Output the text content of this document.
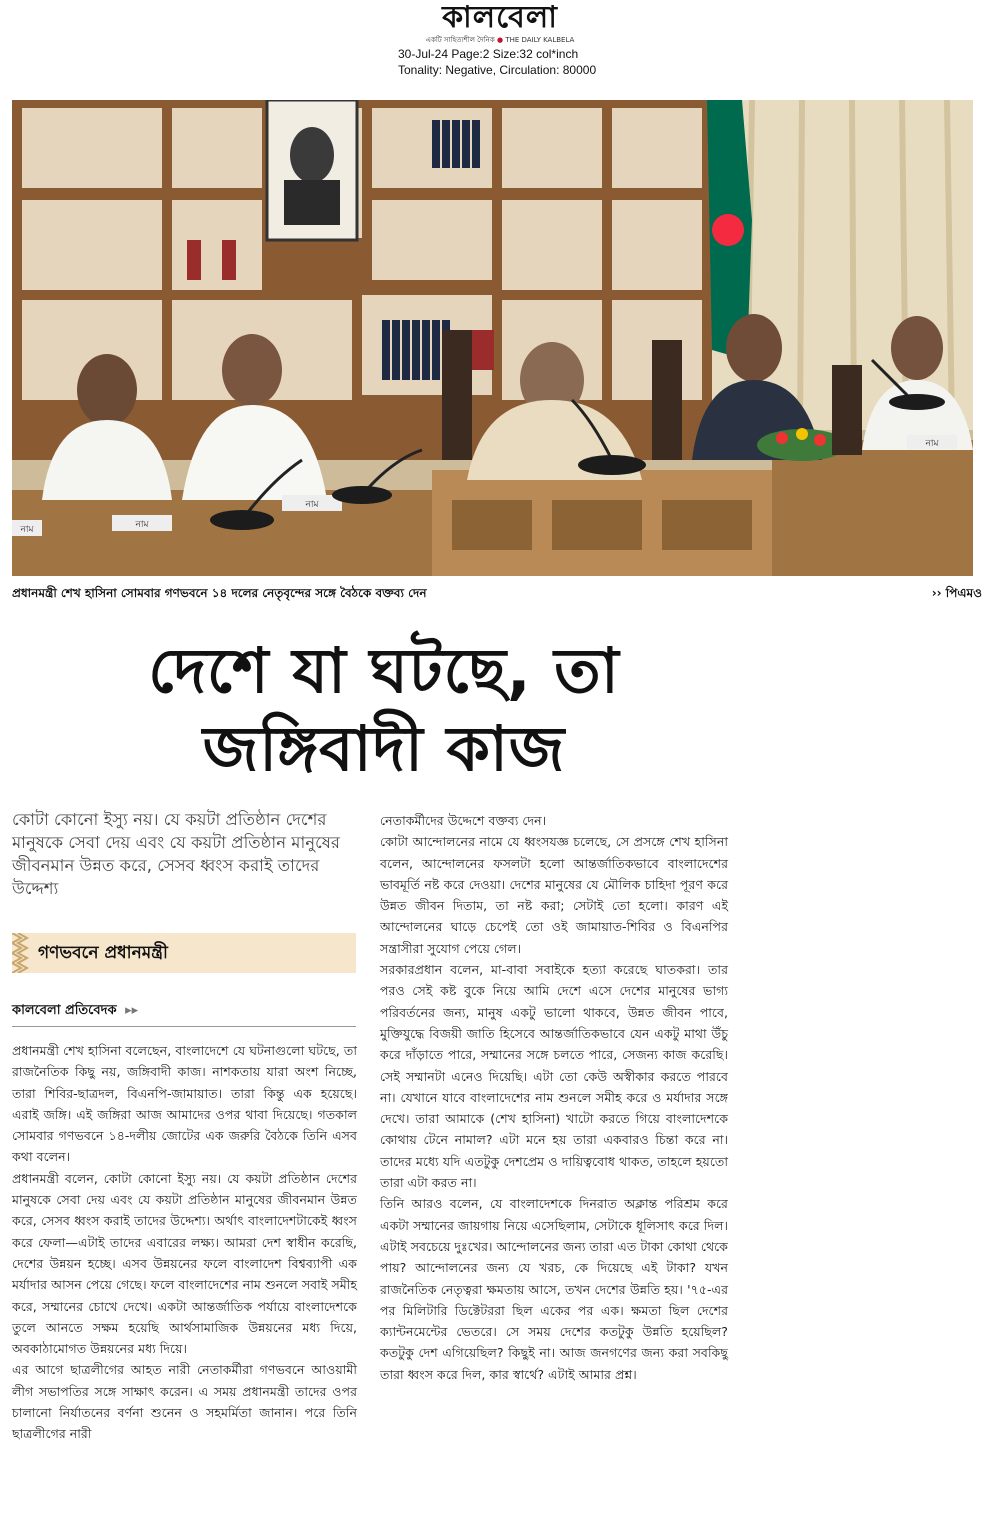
কালবেলা
একটি সাহিত্যশীল দৈনিক ● THE DAILY KALBELA
30-Jul-24 Page:2 Size:32 col*inch
Tonality: Negative, Circulation: 80000
নাম
নাম
নাম
নাম
প্রধানমন্ত্রী শেখ হাসিনা সোমবার গণভবনে ১৪ দলের নেতৃবৃন্দের সঙ্গে বৈঠকে বক্তব্য দেন	›› পিএমও
দেশে যা ঘটছে, তা
জঙ্গিবাদী কাজ
কোটা কোনো ইস্যু নয়। যে কয়টা প্রতিষ্ঠান দেশের মানুষকে সেবা দেয় এবং যে কয়টা প্রতিষ্ঠান মানুষের জীবনমান উন্নত করে, সেসব ধ্বংস করাই তাদের উদ্দেশ্য
গণভবনে প্রধানমন্ত্রী
কালবেলা প্রতিবেদক ▸▸

প্রধানমন্ত্রী শেখ হাসিনা বলেছেন, বাংলাদেশে যে ঘটনাগুলো ঘটছে, তা রাজনৈতিক কিছু নয়, জঙ্গিবাদী কাজ। নাশকতায় যারা অংশ নিচ্ছে, তারা শিবির-ছাত্রদল, বিএনপি-জামায়াত। তারা কিন্তু এক হয়েছে। এরাই জঙ্গি। এই জঙ্গিরা আজ আমাদের ওপর থাবা দিয়েছে। গতকাল সোমবার গণভবনে ১৪-দলীয় জোটের এক জরুরি বৈঠকে তিনি এসব কথা বলেন।

প্রধানমন্ত্রী বলেন, কোটা কোনো ইস্যু নয়। যে কয়টা প্রতিষ্ঠান দেশের মানুষকে সেবা দেয় এবং যে কয়টা প্রতিষ্ঠান মানুষের জীবনমান উন্নত করে, সেসব ধ্বংস করাই তাদের উদ্দেশ্য। অর্থাৎ বাংলাদেশটাকেই ধ্বংস করে ফেলা—এটাই তাদের এবারের লক্ষ্য। আমরা দেশ স্বাধীন করেছি, দেশের উন্নয়ন হচ্ছে। এসব উন্নয়নের ফলে বাংলাদেশ বিশ্বব্যাপী এক মর্যাদার আসন পেয়ে গেছে। ফলে বাংলাদেশের নাম শুনলে সবাই সমীহ করে, সম্মানের চোখে দেখে। একটা আন্তর্জাতিক পর্যায়ে বাংলাদেশকে তুলে আনতে সক্ষম হয়েছি আর্থসামাজিক উন্নয়নের মধ্য দিয়ে, অবকাঠামোগত উন্নয়নের মধ্য দিয়ে।

এর আগে ছাত্রলীগের আহত নারী নেতাকর্মীরা গণভবনে আওয়ামী লীগ সভাপতির সঙ্গে সাক্ষাৎ করেন। এ সময় প্রধানমন্ত্রী তাদের ওপর চালানো নির্যাতনের বর্ণনা শুনেন ও সহমর্মিতা জানান। পরে তিনি ছাত্রলীগের নারী

নেতাকর্মীদের উদ্দেশে বক্তব্য দেন।

কোটা আন্দোলনের নামে যে ধ্বংসযজ্ঞ চলেছে, সে প্রসঙ্গে শেখ হাসিনা বলেন, আন্দোলনের ফসলটা হলো আন্তর্জাতিকভাবে বাংলাদেশের ভাবমূর্তি নষ্ট করে দেওয়া। দেশের মানুষের যে মৌলিক চাহিদা পূরণ করে উন্নত জীবন দিতাম, তা নষ্ট করা; সেটাই তো হলো। কারণ এই আন্দোলনের ঘাড়ে চেপেই তো ওই জামায়াত-শিবির ও বিএনপির সন্ত্রাসীরা সুযোগ পেয়ে গেল।

সরকারপ্রধান বলেন, মা-বাবা সবাইকে হত্যা করেছে ঘাতকরা। তার পরও সেই কষ্ট বুকে নিয়ে আমি দেশে এসে দেশের মানুষের ভাগ্য পরিবর্তনের জন্য, মানুষ একটু ভালো থাকবে, উন্নত জীবন পাবে, মুক্তিযুদ্ধে বিজয়ী জাতি হিসেবে আন্তর্জাতিকভাবে যেন একটু মাথা উঁচু করে দাঁড়াতে পারে, সম্মানের সঙ্গে চলতে পারে, সেজন্য কাজ করেছি। সেই সম্মানটা এনেও দিয়েছি। এটা তো কেউ অস্বীকার করতে পারবে না। যেখানে যাবে বাংলাদেশের নাম শুনলে সমীহ করে ও মর্যাদার সঙ্গে দেখে। তারা আমাকে (শেখ হাসিনা) খাটো করতে গিয়ে বাংলাদেশকে কোথায় টেনে নামাল? এটা মনে হয় তারা একবারও চিন্তা করে না। তাদের মধ্যে যদি এতটুকু দেশপ্রেম ও দায়িত্ববোধ থাকত, তাহলে হয়তো তারা এটা করত না।

তিনি আরও বলেন, যে বাংলাদেশকে দিনরাত অক্লান্ত পরিশ্রম করে একটা সম্মানের জায়গায় নিয়ে এসেছিলাম, সেটাকে ধূলিসাৎ করে দিল। এটাই সবচেয়ে দুঃখের। আন্দোলনের জন্য তারা এত টাকা কোথা থেকে পায়? আন্দোলনের জন্য যে খরচ, কে দিয়েছে এই টাকা? যখন রাজনৈতিক নেতৃত্বরা ক্ষমতায় আসে, তখন দেশের উন্নতি হয়। '৭৫-এর পর মিলিটারি ডিক্টেটররা ছিল একের পর এক। ক্ষমতা ছিল দেশের ক্যান্টনমেন্টের ভেতরে। সে সময় দেশের কতটুকু উন্নতি হয়েছিল? কতটুকু দেশ এগিয়েছিল? কিছুই না। আজ জনগণের জন্য করা সবকিছু তারা ধ্বংস করে দিল, কার স্বার্থে? এটাই আমার প্রশ্ন।
